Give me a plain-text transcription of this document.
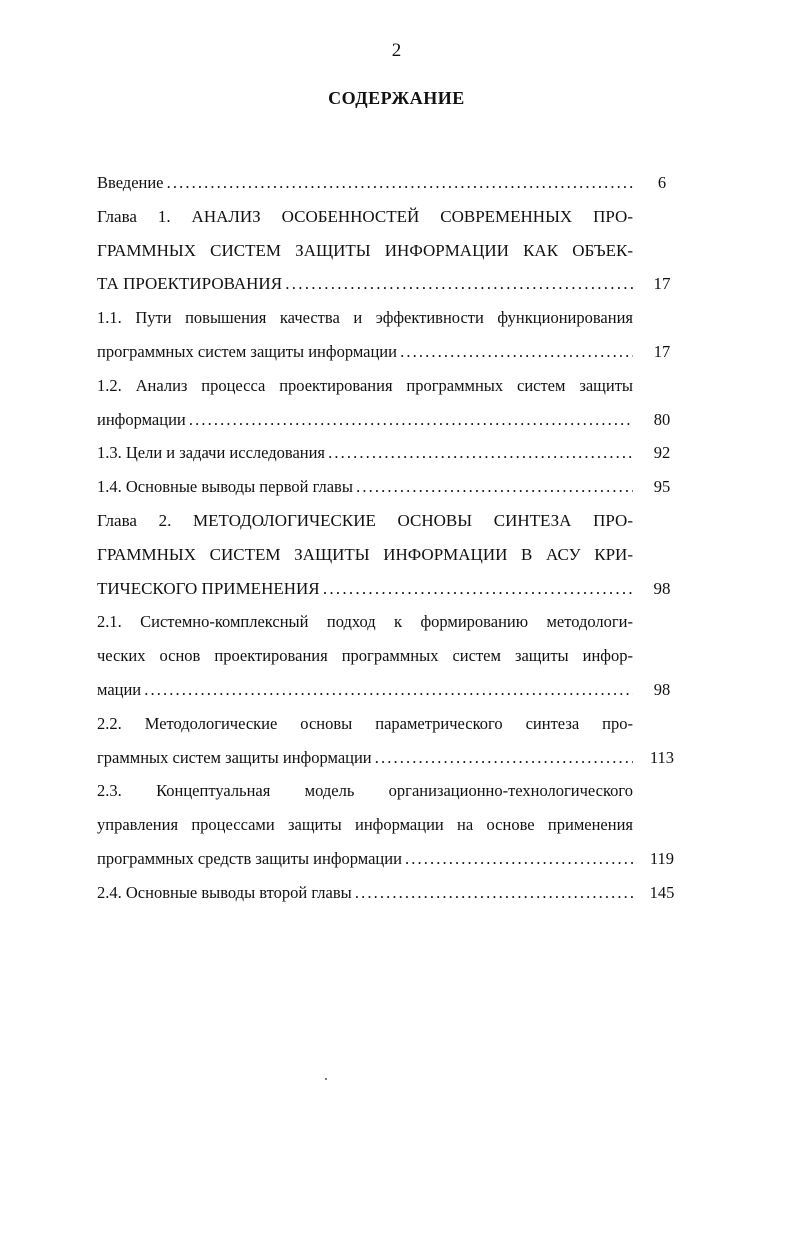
2
СОДЕРЖАНИЕ
Введение . . .	6
Глава 1. АНАЛИЗ ОСОБЕННОСТЕЙ СОВРЕМЕННЫХ ПРО-
ГРАММНЫХ СИСТЕМ ЗАЩИТЫ ИНФОРМАЦИИ КАК ОБЪЕК-
ТА ПРОЕКТИРОВАНИЯ . . .	17
1.1. Пути повышения качества и эффективности функционирования
программных систем защиты информации . . .	17
1.2. Анализ процесса проектирования программных систем защиты
информации . . .	80
1.3. Цели и задачи исследования . . .	92
1.4. Основные выводы первой главы . . .	95
Глава 2. МЕТОДОЛОГИЧЕСКИЕ ОСНОВЫ СИНТЕЗА ПРО-
ГРАММНЫХ СИСТЕМ ЗАЩИТЫ ИНФОРМАЦИИ В АСУ КРИ-
ТИЧЕСКОГО ПРИМЕНЕНИЯ . . .	98
2.1. Системно-комплексный подход к формированию методологи-
ческих основ проектирования программных систем защиты инфор-
мации . . .	98
2.2. Методологические основы параметрического синтеза про-
граммных систем защиты информации . . .	113
2.3. Концептуальная модель организационно-технологического
управления процессами защиты информации на основе применения
программных средств защиты информации . . .	119
2.4. Основные выводы второй главы . . .	145
